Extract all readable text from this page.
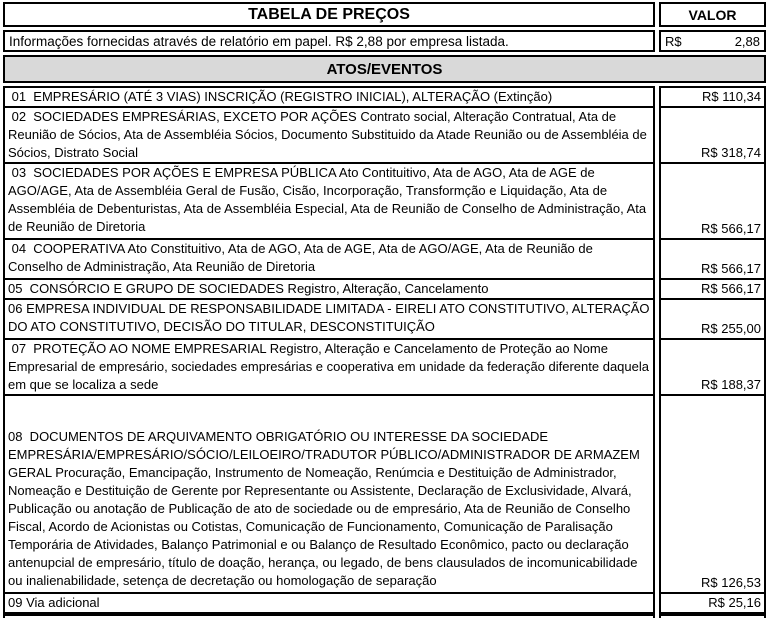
TABELA DE PREÇOS	VALOR
Informações fornecidas através de relatório em papel. R$ 2,88 por empresa listada.	R$	2,88
ATOS/EVENTOS
01  EMPRESÁRIO (ATÉ 3 VIAS) INSCRIÇÃO (REGISTRO INICIAL), ALTERAÇÃO (Extinção)	R$ 110,34
02  SOCIEDADES EMPRESÁRIAS, EXCETO POR AÇÕES Contrato social, Alteração Contratual, Ata de Reunião de Sócios, Ata de Assembléia Sócios, Documento Substituido da Atade Reunião ou de Assembléia de Sócios, Distrato Social	R$ 318,74
03  SOCIEDADES POR AÇÕES E EMPRESA PÚBLICA Ato Contituitivo, Ata de AGO, Ata de AGE de AGO/AGE, Ata de Assembléia Geral de Fusão, Cisão, Incorporação, Transformção e Liquidação, Ata de Assembléia de Debenturistas, Ata de Assembléia Especial, Ata de Reunião de Conselho de Administração, Ata de Reunião de Diretoria	R$ 566,17
04  COOPERATIVA Ato Constituitivo, Ata de AGO, Ata de AGE, Ata de AGO/AGE, Ata de Reunião de Conselho de Administração, Ata Reunião de Diretoria	R$ 566,17
05  CONSÓRCIO E GRUPO DE SOCIEDADES Registro, Alteração, Cancelamento	R$ 566,17
06 EMPRESA INDIVIDUAL DE RESPONSABILIDADE LIMITADA - EIRELI ATO CONSTITUTIVO, ALTERAÇÃO DO ATO CONSTITUTIVO, DECISÃO DO TITULAR, DESCONSTITUIÇÃO	R$ 255,00
07  PROTEÇÃO AO NOME EMPRESARIAL Registro, Alteração e Cancelamento de Proteção ao Nome Empresarial de empresário, sociedades empresárias e cooperativa em unidade da federação diferente daquela em que se localiza a sede	R$ 188,37
08  DOCUMENTOS DE ARQUIVAMENTO OBRIGATÓRIO OU INTERESSE DA SOCIEDADE EMPRESÁRIA/EMPRESÁRIO/SÓCIO/LEILOEIRO/TRADUTOR PÚBLICO/ADMINISTRADOR DE ARMAZEM GERAL Procuração, Emancipação, Instrumento de Nomeação, Renúmcia e Destituição de Administrador, Nomeação e Destituição de Gerente por Representante ou Assistente, Declaração de Exclusividade, Alvará, Publicação ou anotação de Publicação de ato de sociedade ou de empresário, Ata de Reunião de Conselho Fiscal, Acordo de Acionistas ou Cotistas, Comunicação de Funcionamento, Comunicação de Paralisação Temporária de Atividades, Balanço Patrimonial e ou Balanço de Resultado Econômico, pacto ou declaração antenupcial de empresário, título de doação, herança, ou legado, de bens clausulados de incomunicabilidade ou inalienabilidade, setença de decretação ou homologação de separação	R$ 126,53
09 Via adicional	R$ 25,16
